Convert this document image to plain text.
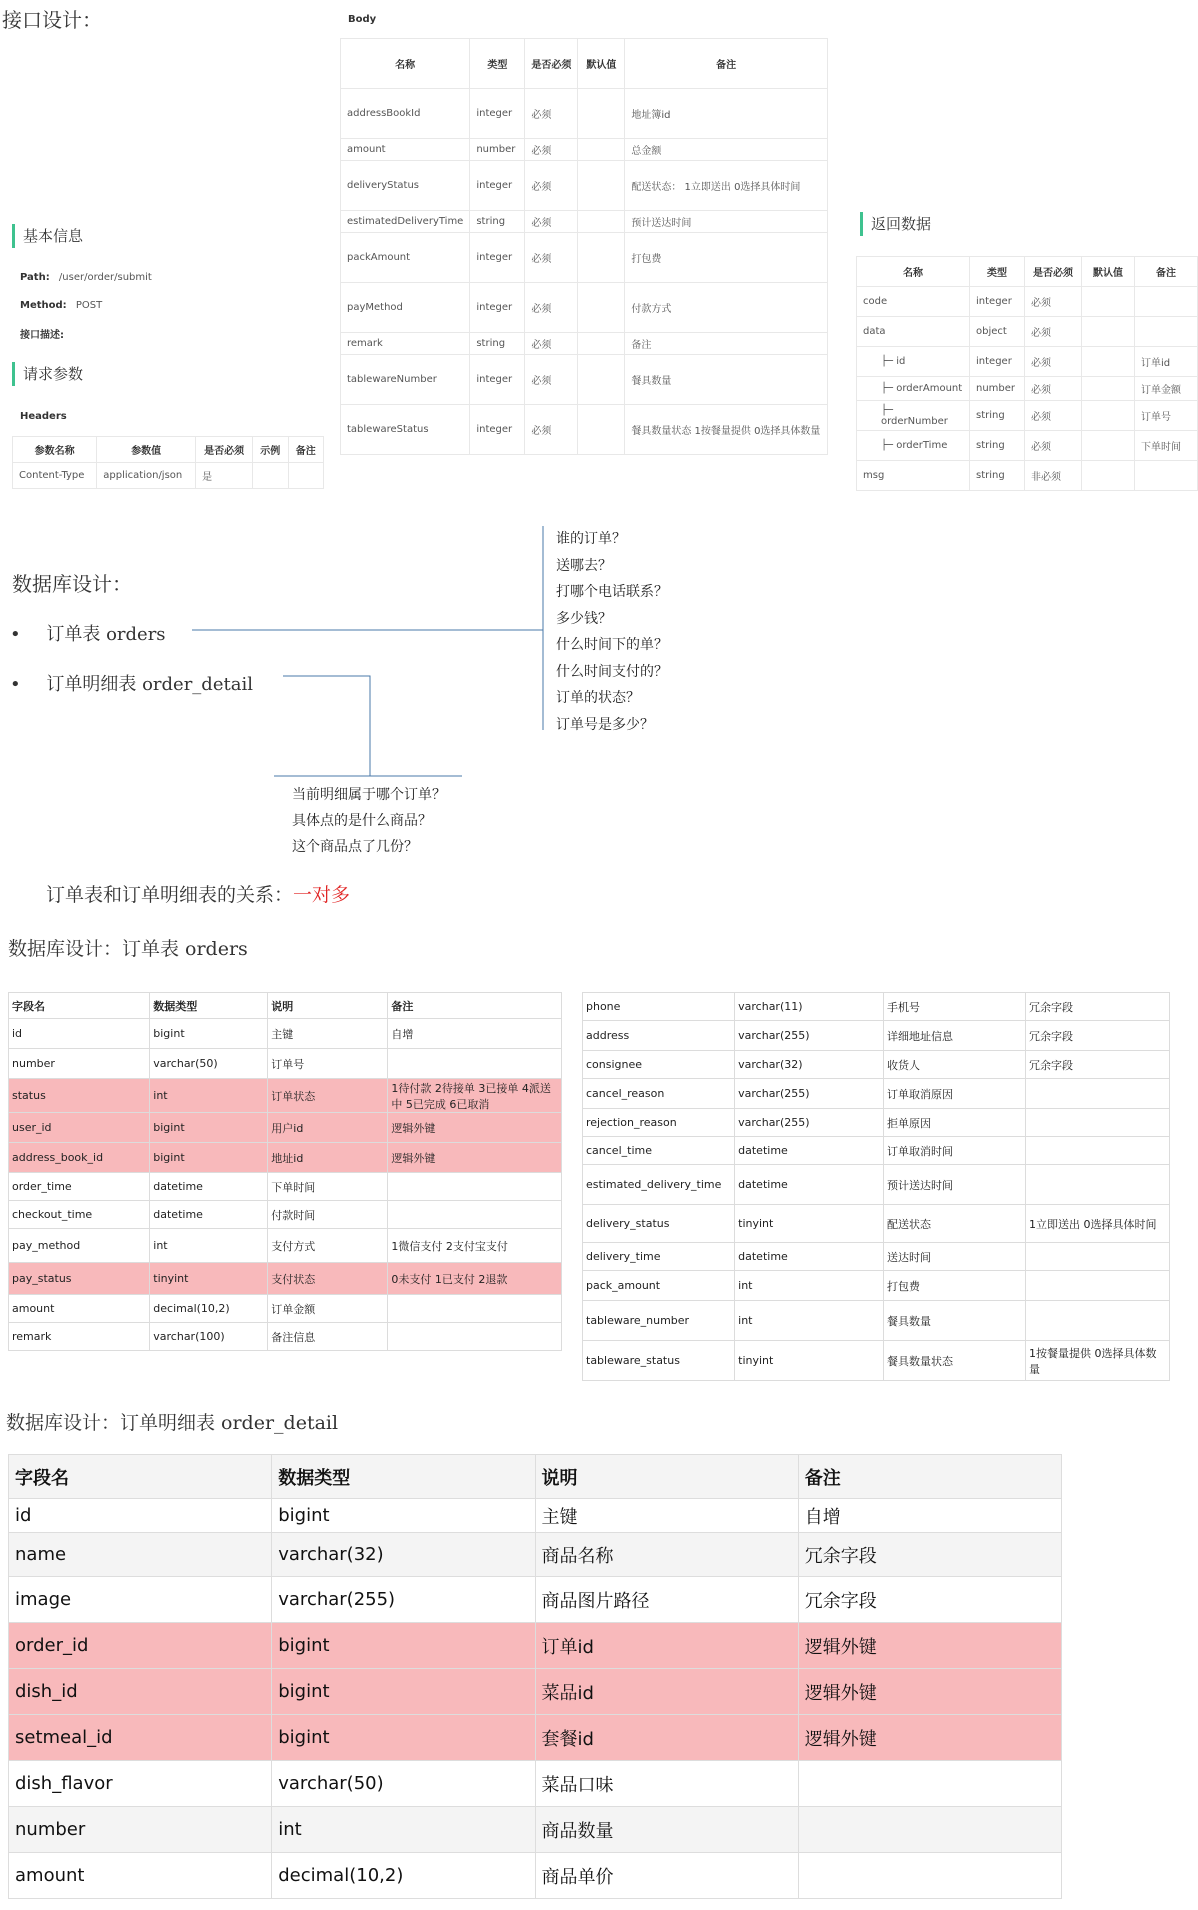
接口设计：
基本信息
Path: /user/order/submit
Method: POST
接口描述:
请求参数
Headers
参数名称	参数值	是否必须	示例	备注
Content-Type	application/json	是		
Body
名称	类型	是否必须	默认值	备注
addressBookId	integer	必须		地址簿id
amount	number	必须		总金额
deliveryStatus	integer	必须		配送状态： 1立即送出 0选择具体时间
estimatedDeliveryTime	string	必须		预计送达时间
packAmount	integer	必须		打包费
payMethod	integer	必须		付款方式
remark	string	必须		备注
tablewareNumber	integer	必须		餐具数量
tablewareStatus	integer	必须		餐具数量状态 1按餐量提供 0选择具体数量
返回数据
名称	类型	是否必须	默认值	备注
code	integer	必须		
data	object	必须		
├─ id	integer	必须		订单id
├─ orderAmount	number	必须		订单金额
├─ orderNumber	string	必须		订单号
├─ orderTime	string	必须		下单时间
msg	string	非必须		
数据库设计：
• 订单表 orders
• 订单明细表 order_detail
谁的订单？
送哪去？
打哪个电话联系？
多少钱？
什么时间下的单？
什么时间支付的？
订单的状态？
订单号是多少？
当前明细属于哪个订单？
具体点的是什么商品？
这个商品点了几份？
订单表和订单明细表的关系：一对多
数据库设计：订单表 orders
字段名	数据类型	说明	备注
id	bigint	主键	自增
number	varchar(50)	订单号	
status	int	订单状态	1待付款 2待接单 3已接单 4派送中 5已完成 6已取消
user_id	bigint	用户id	逻辑外键
address_book_id	bigint	地址id	逻辑外键
order_time	datetime	下单时间	
checkout_time	datetime	付款时间	
pay_method	int	支付方式	1微信支付 2支付宝支付
pay_status	tinyint	支付状态	0未支付 1已支付 2退款
amount	decimal(10,2)	订单金额	
remark	varchar(100)	备注信息	
phone	varchar(11)	手机号	冗余字段
address	varchar(255)	详细地址信息	冗余字段
consignee	varchar(32)	收货人	冗余字段
cancel_reason	varchar(255)	订单取消原因	
rejection_reason	varchar(255)	拒单原因	
cancel_time	datetime	订单取消时间	
estimated_delivery_time	datetime	预计送达时间	
delivery_status	tinyint	配送状态	1立即送出 0选择具体时间
delivery_time	datetime	送达时间	
pack_amount	int	打包费	
tableware_number	int	餐具数量	
tableware_status	tinyint	餐具数量状态	1按餐量提供 0选择具体数量
数据库设计：订单明细表 order_detail
字段名	数据类型	说明	备注
id	bigint	主键	自增
name	varchar(32)	商品名称	冗余字段
image	varchar(255)	商品图片路径	冗余字段
order_id	bigint	订单id	逻辑外键
dish_id	bigint	菜品id	逻辑外键
setmeal_id	bigint	套餐id	逻辑外键
dish_flavor	varchar(50)	菜品口味	
number	int	商品数量	
amount	decimal(10,2)	商品单价	
